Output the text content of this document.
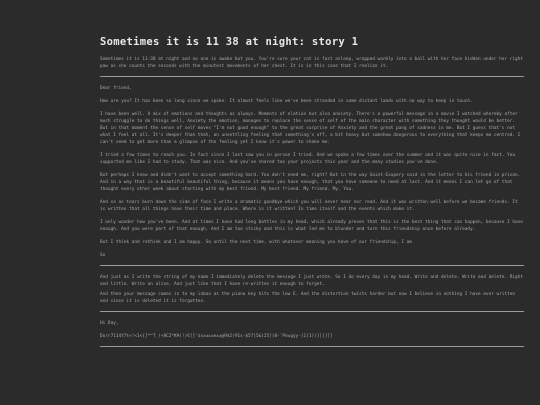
Sometimes it is 11 38 at night: story 1

Sometimes it is 11:38 at night and no one is awake but you. You're sure your cat is fast asleep, wrapped warmly into a ball with her face hidden under her right paw as she counts the seconds with the minutest movements of her chest. It is in this case that I realize it.

Dear friend,

How are you? It has been so long since we spoke. It almost feels like we've been stranded in some distant lands with no way to keep in touch.

I have been well. A mix of emotions and thoughts as always. Moments of elation but also anxiety. There's a powerful message in a movie I watched whereby after much struggle to do things well, Anxiety the emotion, manages to replace the sense of self of the main character with something they thought would be better. But in that moment the sense of self moves "I'm not good enough" to the great surprise of Anxiety and the great pang of sadness in me. But I guess that's not what I feel at all. It's deeper than that, an unsettling feeling that something's off, a bit heavy but somehow dangerous to everything that keeps me centred. I can't seem to get more than a glimpse of the feeling yet I know it's power to shake me.

I tried a few times to reach you. In fact since I last saw you in person I tried. And we spoke a few times over the summer and it was quite nice in fact. You supported me like I had to study. That was nice. And you've shared too your projects this year and the many studies you've done.

But perhaps I knew and didn't want to accept something hard. You don't need me, right? But in the way Saint-Exupery said in the letter to his friend in prison. And in a way that is a beautiful beautiful thing, because it means you have enough, that you have someone to need at last. And it means I can let go of that thought every other week about starting with my best friend. My best friend. My friend. My. You.

And so as tears burn down the side of face I write a dramatic goodbye which you will never hear nor read. And it was written well before we became friends. It is written that all things have their time and place. Where is it written? In time itself and the events which make it.

I only wonder how you've been. And at times I have had long battles in my head, which already proves that this is the best thing that can happen, because I have enough. And you were part of that enough. And I am too sticky and this is what led me to blunder and turn this friendship once before already.

But I think and rethink and I am happy. So until the next time, with whatever meaning you have of our friendship, I am

So

And just as I write the string of my name I immediately delete the message I just wrote. So I do every day in my head. Write and delete. Write and delete. Right and little. Write an alive. And just like that I have re-written it enough to forget.

And then your message comes in to my inbox as the piano key hits the low E. And the distortion twists harder but now I believe in nothing I have ever written and since it is deleted it is forgotten.

Hi Day,

Dorr7114Y7t<!<1<{]*^T_(+8C2*K¥(!)€[]'¢x±±±±e±±@9$2)91s-$57]5&)25[(8-'Pe±gyy-(1)1))]]]]]]
